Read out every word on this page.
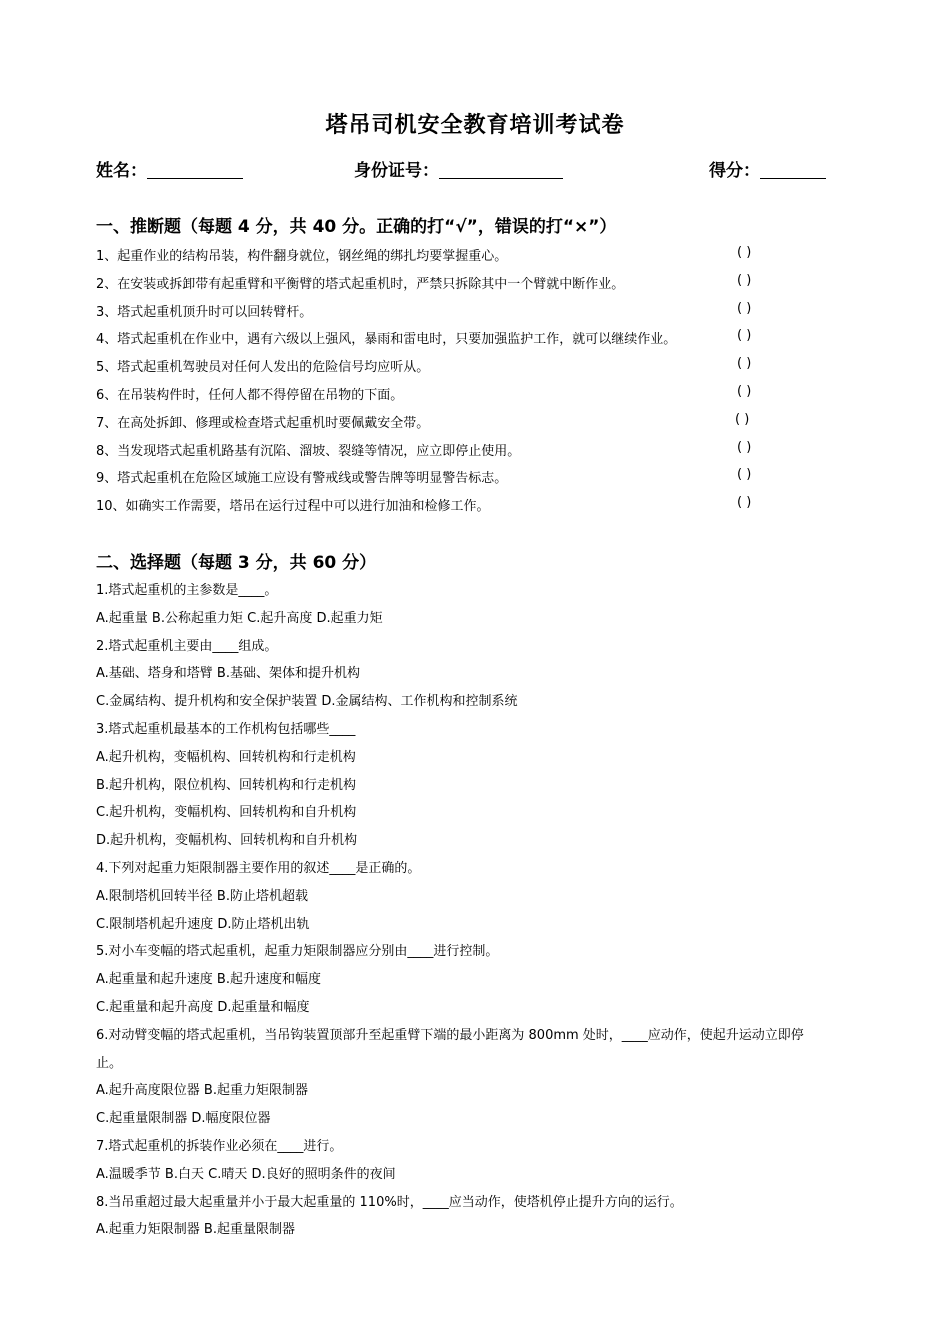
塔吊司机安全教育培训考试卷
姓名：	身份证号：	得分：
一、推断题（每题 4 分，共 40 分。正确的打“√”，错误的打“×”）
1、起重作业的结构吊装，构件翻身就位，钢丝绳的绑扎均要掌握重心。	( )
2、在安装或拆卸带有起重臂和平衡臂的塔式起重机时，严禁只拆除其中一个臂就中断作业。	( )
3、塔式起重机顶升时可以回转臂杆。	( )
4、塔式起重机在作业中，遇有六级以上强风，暴雨和雷电时，只要加强监护工作，就可以继续作业。	( )
5、塔式起重机驾驶员对任何人发出的危险信号均应听从。	( )
6、在吊装构件时，任何人都不得停留在吊物的下面。	( )
7、在高处拆卸、修理或检查塔式起重机时要佩戴安全带。	( )
8、当发现塔式起重机路基有沉陷、溜坡、裂缝等情况，应立即停止使用。	( )
9、塔式起重机在危险区域施工应设有警戒线或警告牌等明显警告标志。	( )
10、如确实工作需要，塔吊在运行过程中可以进行加油和检修工作。	( )
二、选择题（每题 3 分，共 60 分）
1.塔式起重机的主参数是____。
A.起重量 B.公称起重力矩 C.起升高度 D.起重力矩
2.塔式起重机主要由____组成。
A.基础、塔身和塔臂 B.基础、架体和提升机构
C.金属结构、提升机构和安全保护装置 D.金属结构、工作机构和控制系统
3.塔式起重机最基本的工作机构包括哪些____
A.起升机构，变幅机构、回转机构和行走机构
B.起升机构，限位机构、回转机构和行走机构
C.起升机构，变幅机构、回转机构和自升机构
D.起升机构，变幅机构、回转机构和自升机构
4.下列对起重力矩限制器主要作用的叙述____是正确的。
A.限制塔机回转半径 B.防止塔机超载
C.限制塔机起升速度 D.防止塔机出轨
5.对小车变幅的塔式起重机，起重力矩限制器应分别由____进行控制。
A.起重量和起升速度 B.起升速度和幅度
C.起重量和起升高度 D.起重量和幅度
6.对动臂变幅的塔式起重机，当吊钩装置顶部升至起重臂下端的最小距离为 800mm 处时，____应动作，使起升运动立即停
止。
A.起升高度限位器 B.起重力矩限制器
C.起重量限制器 D.幅度限位器
7.塔式起重机的拆装作业必须在____进行。
A.温暖季节 B.白天 C.晴天 D.良好的照明条件的夜间
8.当吊重超过最大起重量并小于最大起重量的 110%时，____应当动作，使塔机停止提升方向的运行。
A.起重力矩限制器 B.起重量限制器
